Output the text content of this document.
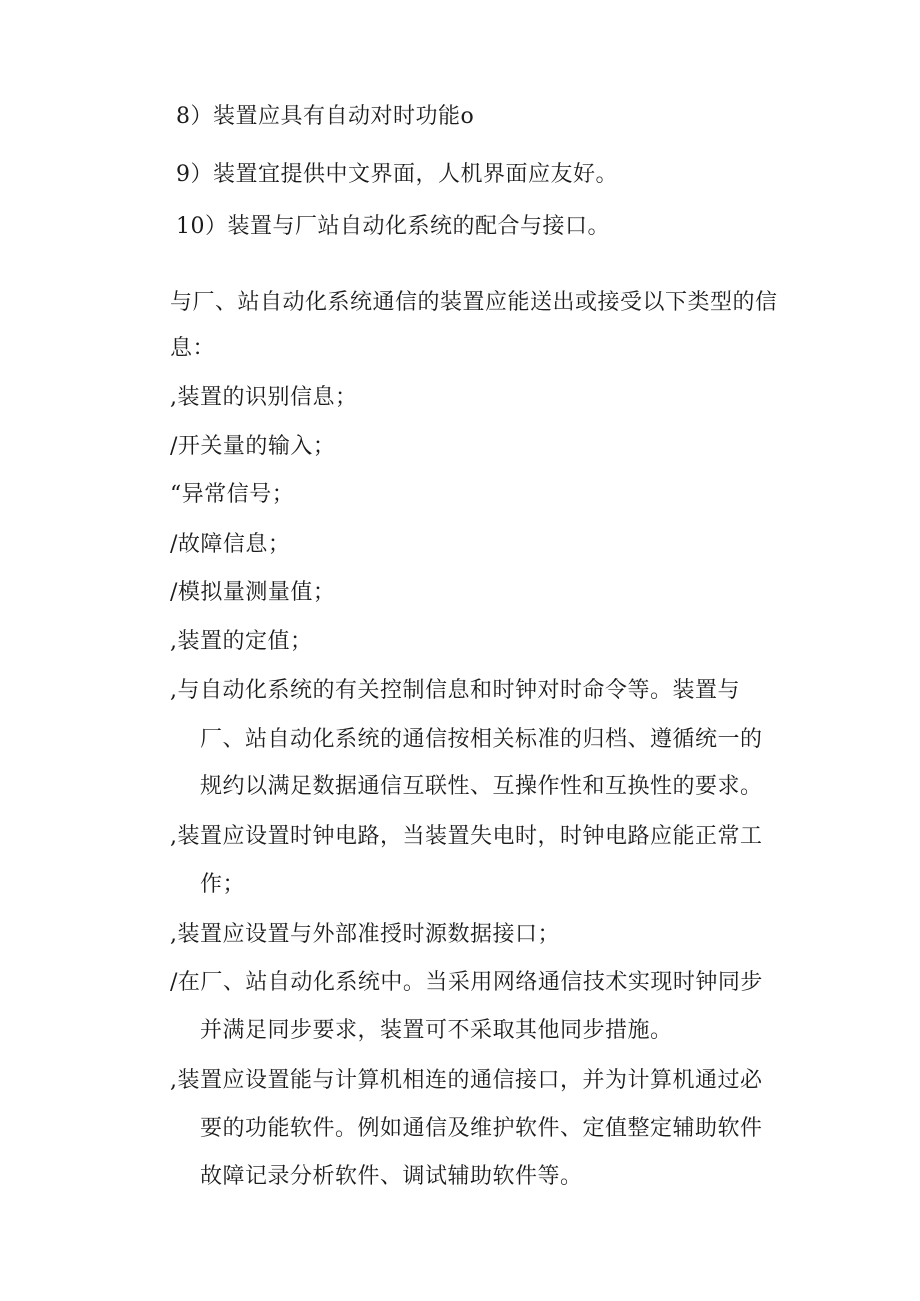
8）装置应具有自动对时功能o
9）装置宜提供中文界面，人机界面应友好。
10）装置与厂站自动化系统的配合与接口。
与厂、站自动化系统通信的装置应能送出或接受以下类型的信
息：
,装置的识别信息；
/开关量的输入；
“异常信号；
/故障信息；
/模拟量测量值；
,装置的定值；
,与自动化系统的有关控制信息和时钟对时命令等。装置与
厂、站自动化系统的通信按相关标准的归档、遵循统一的
规约以满足数据通信互联性、互操作性和互换性的要求。
,装置应设置时钟电路，当装置失电时，时钟电路应能正常工
作；
,装置应设置与外部准授时源数据接口；
/在厂、站自动化系统中。当采用网络通信技术实现时钟同步
并满足同步要求，装置可不采取其他同步措施。
,装置应设置能与计算机相连的通信接口，并为计算机通过必
要的功能软件。例如通信及维护软件、定值整定辅助软件
故障记录分析软件、调试辅助软件等。
